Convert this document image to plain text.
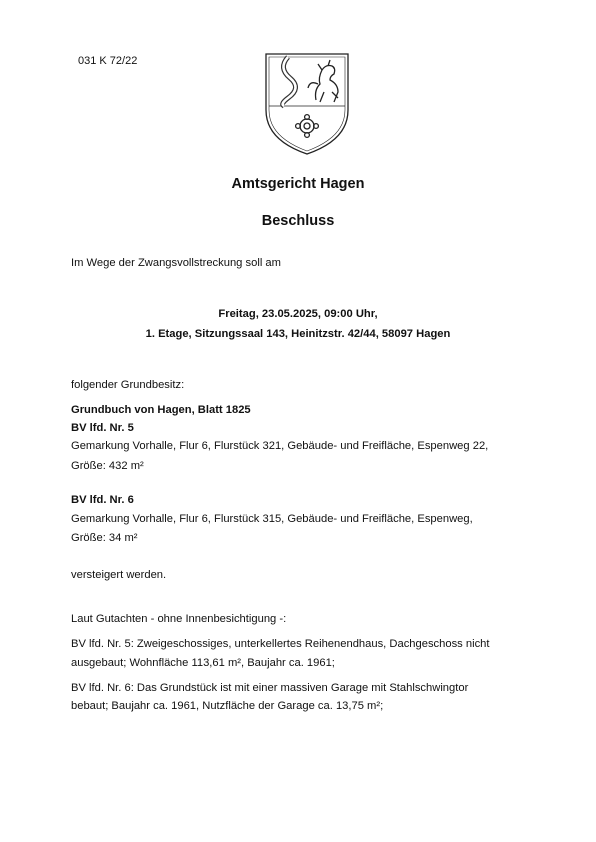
031 K 72/22
Amtsgericht Hagen
Beschluss
Im Wege der Zwangsvollstreckung soll am
Freitag, 23.05.2025, 09:00 Uhr,
1. Etage, Sitzungssaal 143, Heinitzstr. 42/44, 58097 Hagen
folgender Grundbesitz:
Grundbuch von Hagen, Blatt 1825
BV lfd. Nr. 5
Gemarkung Vorhalle, Flur 6, Flurstück 321, Gebäude- und Freifläche, Espenweg 22,
Größe: 432 m²
BV lfd. Nr. 6
Gemarkung Vorhalle, Flur 6, Flurstück 315, Gebäude- und Freifläche, Espenweg,
Größe: 34 m²
versteigert werden.
Laut Gutachten - ohne Innenbesichtigung -:
BV lfd. Nr. 5: Zweigeschossiges, unterkellertes Reihenendhaus, Dachgeschoss nicht
ausgebaut; Wohnfläche 113,61 m², Baujahr ca. 1961;
BV lfd. Nr. 6: Das Grundstück ist mit einer massiven Garage mit Stahlschwingtor
bebaut; Baujahr ca. 1961, Nutzfläche der Garage ca. 13,75 m²;
